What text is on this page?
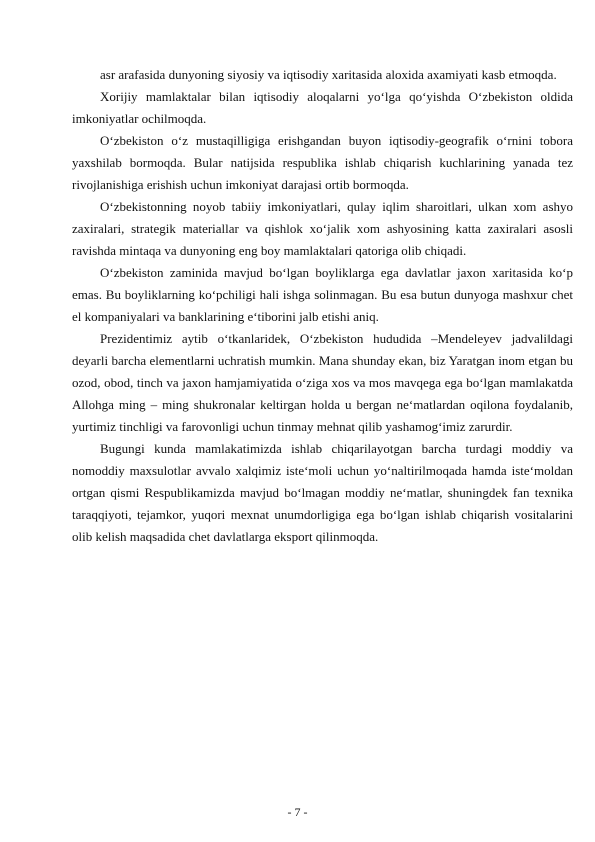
asr arafasida dunyoning siyosiy va iqtisodiy xaritasida aloxida axamiyati kasb etmoqda.

Xorijiy mamlaktalar bilan iqtisodiy aloqalarni yo‘lga qo‘yishda O‘zbekiston oldida imkoniyatlar ochilmoqda.

O‘zbekiston o‘z mustaqilligiga erishgandan buyon iqtisodiy-geografik o‘rnini tobora yaxshilab bormoqda. Bular natijsida respublika ishlab chiqarish kuchlarining yanada tez rivojlanishiga erishish uchun imkoniyat darajasi ortib bormoqda.

O‘zbekistonning noyob tabiiy imkoniyatlari, qulay iqlim sharoitlari, ulkan xom ashyo zaxiralari, strategik materiallar va qishlok xo‘jalik xom ashyosining katta zaxiralari asosli ravishda mintaqa va dunyoning eng boy mamlaktalari qatoriga olib chiqadi.

O‘zbekiston zaminida mavjud bo‘lgan boyliklarga ega davlatlar jaxon xaritasida ko‘p emas. Bu boyliklarning ko‘pchiligi hali ishga solinmagan. Bu esa butun dunyoga mashxur chet el kompaniyalari va banklarining e‘tiborini jalb etishi aniq.

Prezidentimiz aytib o‘tkanlaridek, O‘zbekiston hududida ‒Mendeleyev jadvali‖dagi deyarli barcha elementlarni uchratish mumkin. Mana shunday ekan, biz Yaratgan inom etgan bu ozod, obod, tinch va jaxon hamjamiyatida o‘ziga xos va mos mavqega ega bo‘lgan mamlakatda Allohga ming – ming shukronalar keltirgan holda u bergan ne‘matlardan oqilona foydalanib, yurtimiz tinchligi va farovonligi uchun tinmay mehnat qilib yashamog‘imiz zarurdir.

Bugungi kunda mamlakatimizda ishlab chiqarilayotgan barcha turdagi moddiy va nomoddiy maxsulotlar avvalo xalqimiz iste‘moli uchun yo‘naltirilmoqada hamda iste‘moldan ortgan qismi Respublikamizda mavjud bo‘lmagan moddiy ne‘matlar, shuningdek fan texnika taraqqiyoti, tejamkor, yuqori mexnat unumdorligiga ega bo‘lgan ishlab chiqarish vositalarini olib kelish maqsadida chet davlatlarga eksport qilinmoqda.

- 7 -
